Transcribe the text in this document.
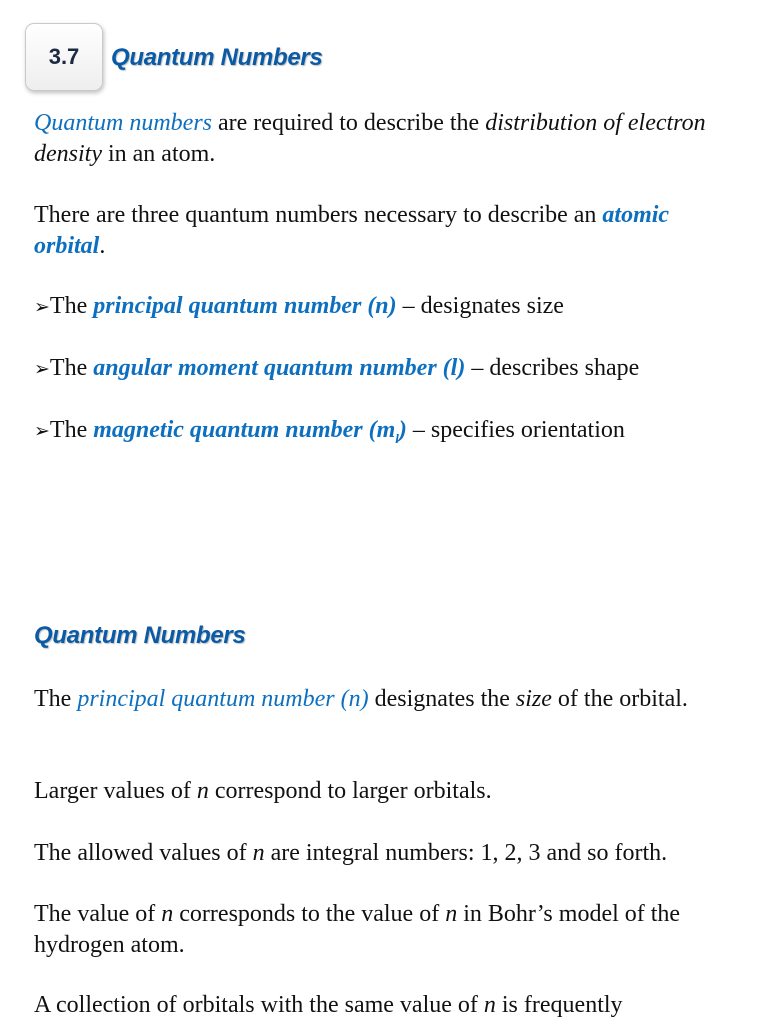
3.7 Quantum Numbers
Quantum numbers are required to describe the distribution of electron density in an atom.
There are three quantum numbers necessary to describe an atomic orbital.
➢The principal quantum number (n) – designates size
➢The angular moment quantum number (l) – describes shape
➢The magnetic quantum number $(m_l)$ – specifies orientation
Quantum Numbers
The principal quantum number (n) designates the size of the orbital.
Larger values of n correspond to larger orbitals.
The allowed values of n are integral numbers: 1, 2, 3 and so forth.
The value of n corresponds to the value of n in Bohr’s model of the hydrogen atom.
A collection of orbitals with the same value of n is frequently
